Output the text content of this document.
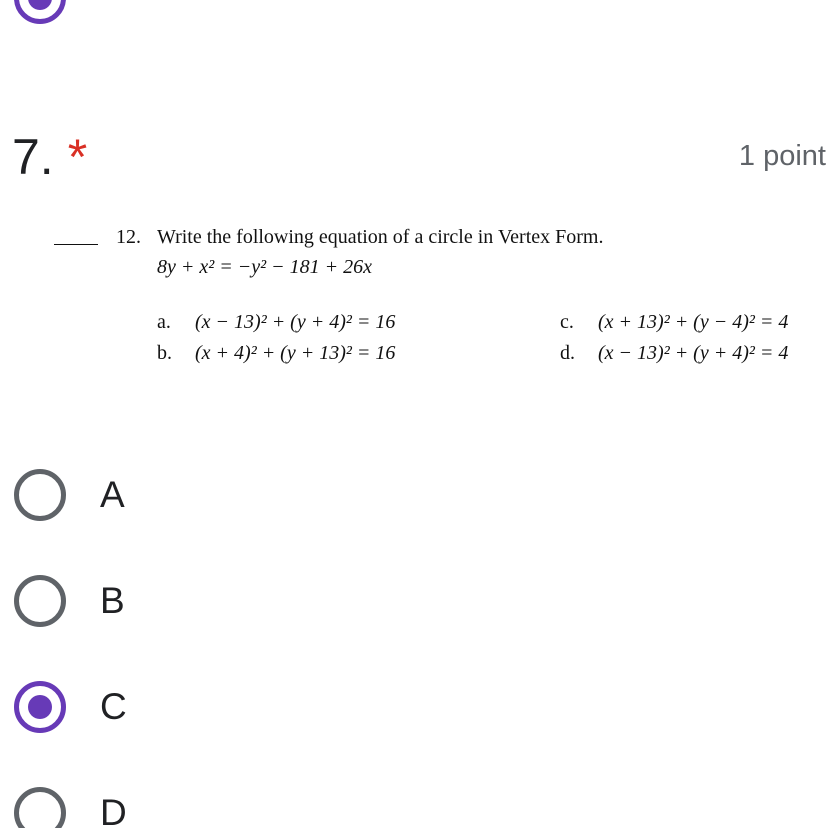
7. *	1 point
12. Write the following equation of a circle in Vertex Form.
8y + x² = −y² − 181 + 26x
a.	(x − 13)² + (y + 4)² = 16
b.	(x + 4)² + (y + 13)² = 16
c.	(x + 13)² + (y − 4)² = 4
d.	(x − 13)² + (y + 4)² = 4
A
B
C
D
